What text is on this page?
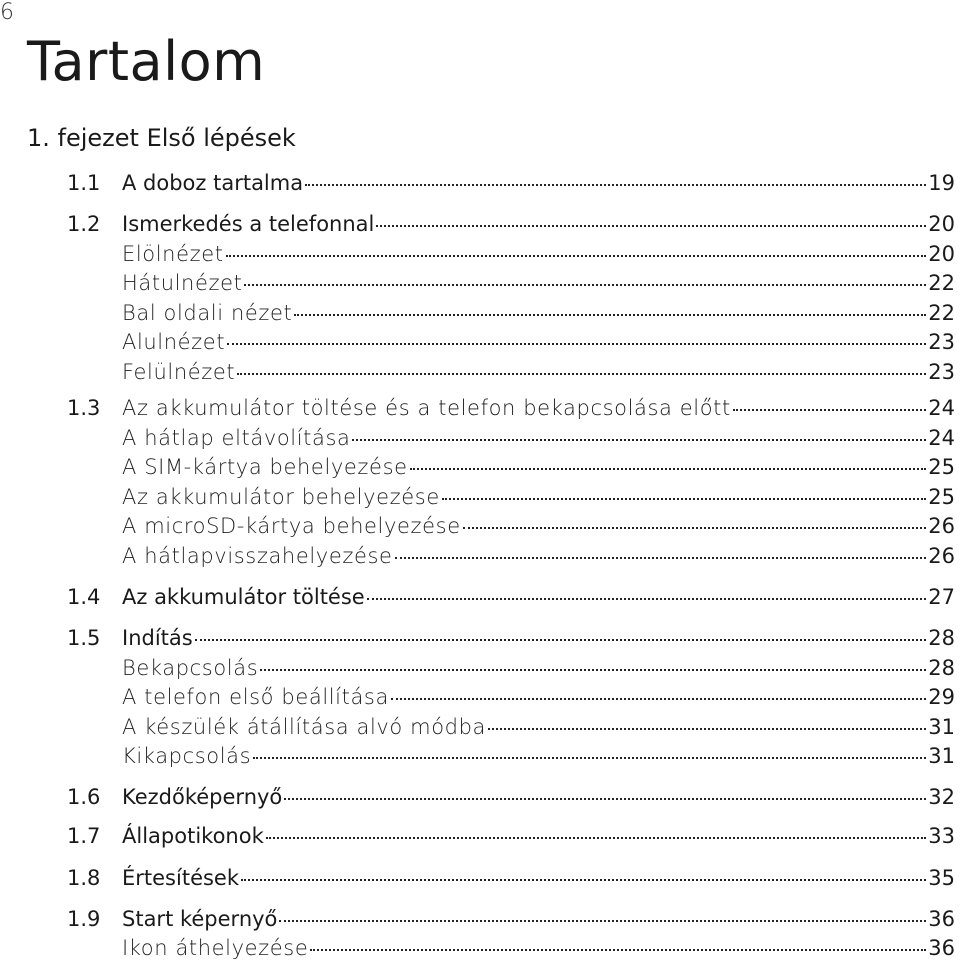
6
Tartalom
1. fejezet Első lépések
1.1	A doboz tartalma	19
1.2	Ismerkedés a telefonnal	20
Elölnézet	20
Hátulnézet	22
Bal oldali nézet	22
Alulnézet	23
Felülnézet	23
1.3	Az akkumulátor töltése és a telefon bekapcsolása előtt	24
A hátlap eltávolítása	24
A SIM-kártya behelyezése	25
Az akkumulátor behelyezése	25
A microSD-kártya behelyezése	26
A hátlapvisszahelyezése	26
1.4	Az akkumulátor töltése	27
1.5	Indítás	28
Bekapcsolás	28
A telefon első beállítása	29
A készülék átállítása alvó módba	31
Kikapcsolás	31
1.6	Kezdőképernyő	32
1.7	Állapotikonok	33
1.8	Értesítések	35
1.9	Start képernyő	36
Ikon áthelyezése	36
